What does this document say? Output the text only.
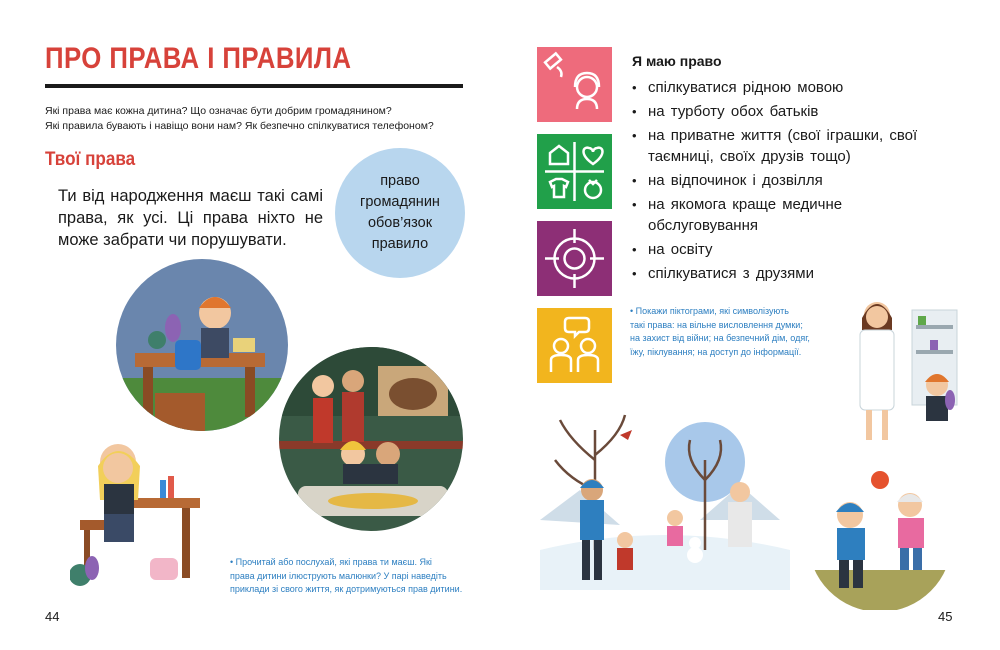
ПРО ПРАВА І ПРАВИЛА
Які права має кожна дитина? Що означає бути добрим громадянином?
Які правила бувають і навіщо вони нам? Як безпечно спілкуватися телефоном?
Твої права
Ти від народження маєш такі самі права, як усі. Ці права ніхто не може забрати чи порушувати.
право
громадянин
обов’язок
правило
• Прочитай або послухай, які права ти маєш. Які
права дитини ілюструють малюнки? У парі наведіть
приклади зі свого життя, як дотримуються прав дитини.
44
Я маю право
• спілкуватися рідною мовою
• на турботу обох батьків
• на приватне життя (свої іграшки, свої таємниці, своїх друзів тощо)
• на відпочинок і дозвілля
• на якомога краще медичне обслуговування
• на освіту
• спілкуватися з друзями
• Покажи піктограми, які символізують
такі права: на вільне висловлення думки;
на захист від війни; на безпечний дім, одяг,
їжу, піклування; на доступ до інформації.
45
